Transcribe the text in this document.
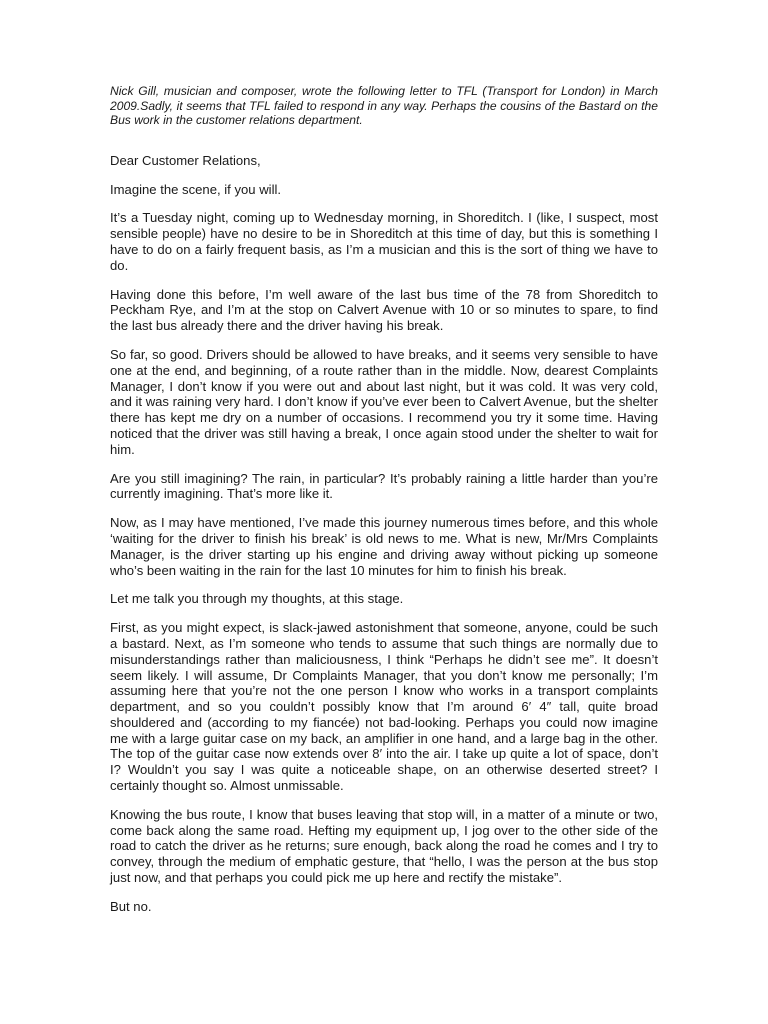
Nick Gill, musician and composer, wrote the following letter to TFL (Transport for London) in March 2009.Sadly, it seems that TFL failed to respond in any way. Perhaps the cousins of the Bastard on the Bus work in the customer relations department.

Dear Customer Relations,

Imagine the scene, if you will.

It’s a Tuesday night, coming up to Wednesday morning, in Shoreditch. I (like, I suspect, most sensible people) have no desire to be in Shoreditch at this time of day, but this is something I have to do on a fairly frequent basis, as I’m a musician and this is the sort of thing we have to do.

Having done this before, I’m well aware of the last bus time of the 78 from Shoreditch to Peckham Rye, and I’m at the stop on Calvert Avenue with 10 or so minutes to spare, to find the last bus already there and the driver having his break.

So far, so good. Drivers should be allowed to have breaks, and it seems very sensible to have one at the end, and beginning, of a route rather than in the middle. Now, dearest Complaints Manager, I don’t know if you were out and about last night, but it was cold. It was very cold, and it was raining very hard. I don’t know if you’ve ever been to Calvert Avenue, but the shelter there has kept me dry on a number of occasions. I recommend you try it some time. Having noticed that the driver was still having a break, I once again stood under the shelter to wait for him.

Are you still imagining? The rain, in particular? It’s probably raining a little harder than you’re currently imagining. That’s more like it.

Now, as I may have mentioned, I’ve made this journey numerous times before, and this whole ‘waiting for the driver to finish his break’ is old news to me. What is new, Mr/Mrs Complaints Manager, is the driver starting up his engine and driving away without picking up someone who’s been waiting in the rain for the last 10 minutes for him to finish his break.

Let me talk you through my thoughts, at this stage.

First, as you might expect, is slack-jawed astonishment that someone, anyone, could be such a bastard. Next, as I’m someone who tends to assume that such things are normally due to misunderstandings rather than maliciousness, I think “Perhaps he didn’t see me”. It doesn’t seem likely. I will assume, Dr Complaints Manager, that you don’t know me personally; I’m assuming here that you’re not the one person I know who works in a transport complaints department, and so you couldn’t possibly know that I’m around 6′ 4″ tall, quite broad shouldered and (according to my fiancée) not bad-looking. Perhaps you could now imagine me with a large guitar case on my back, an amplifier in one hand, and a large bag in the other. The top of the guitar case now extends over 8′ into the air. I take up quite a lot of space, don’t I? Wouldn’t you say I was quite a noticeable shape, on an otherwise deserted street? I certainly thought so. Almost unmissable.

Knowing the bus route, I know that buses leaving that stop will, in a matter of a minute or two, come back along the same road. Hefting my equipment up, I jog over to the other side of the road to catch the driver as he returns; sure enough, back along the road he comes and I try to convey, through the medium of emphatic gesture, that “hello, I was the person at the bus stop just now, and that perhaps you could pick me up here and rectify the mistake”.

But no.
